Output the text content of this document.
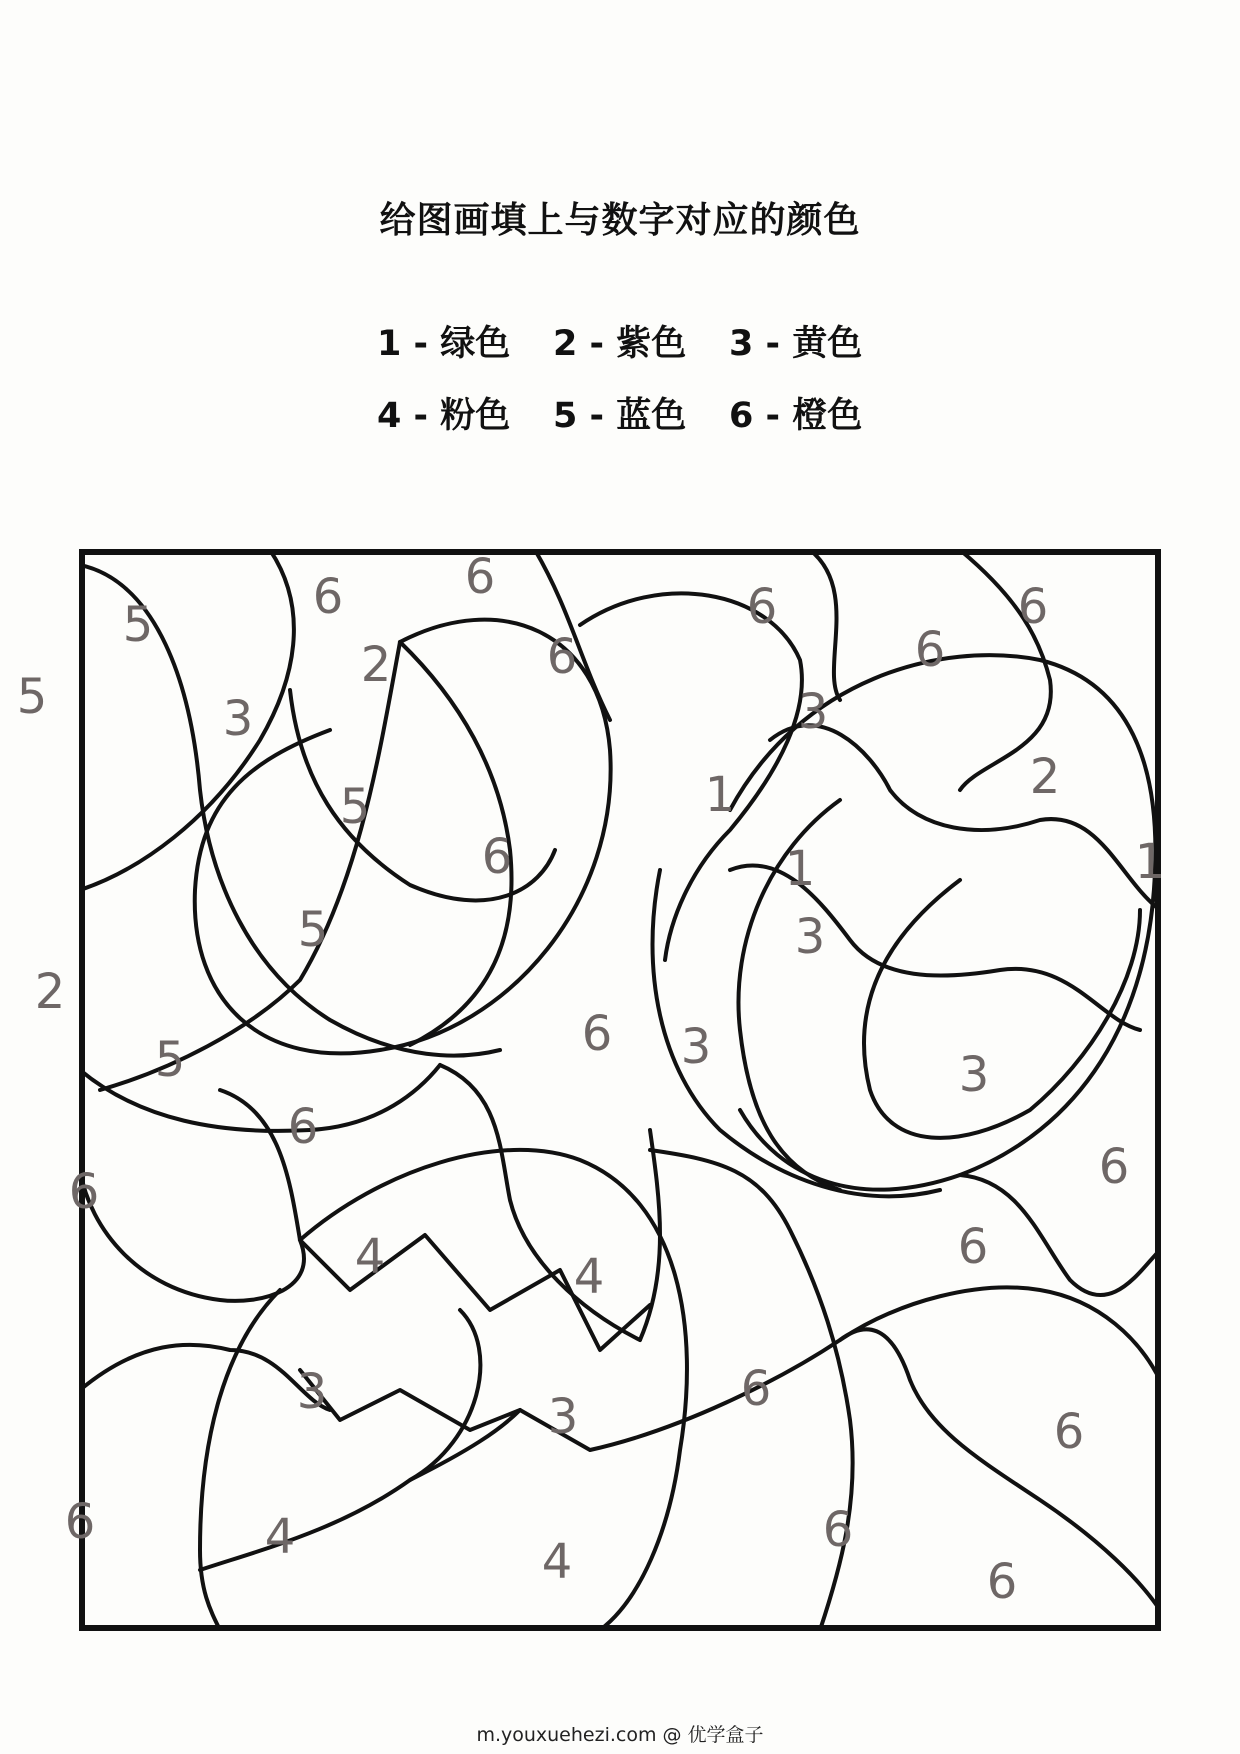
给图画填上与数字对应的颜色
1 - 绿色	2 - 紫色	3 - 黄色
4 - 粉色	5 - 蓝色	6 - 橙色
5	6	6
6	6
5
2	6	6
3	3
2
5	1
1	1
6
2
5	3
3	3
5	6
6
6	6
4	4
6
3	6
3	6
6	4	4
6
6
m.youxuehezi.com @ 优学盒子
